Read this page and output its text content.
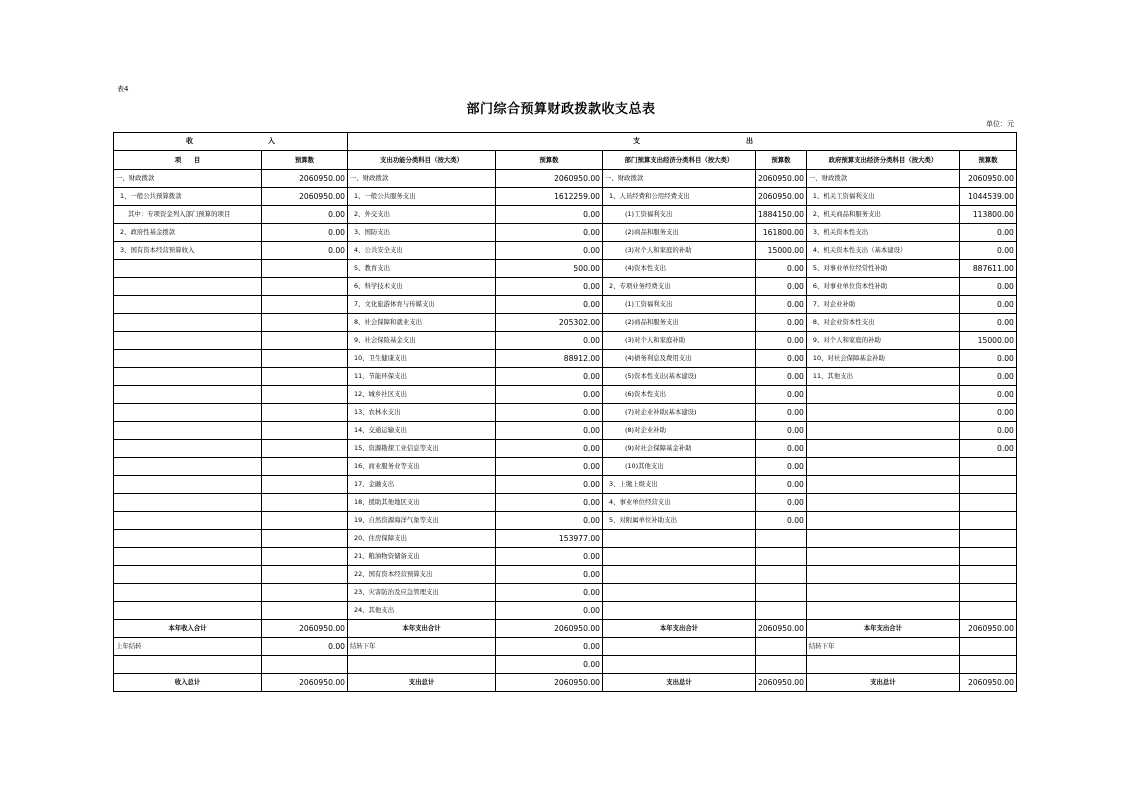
表4
部门综合预算财政拨款收支总表
单位：元
收 入		支 出					

项　　目	预算数	支出功能分类科目（按大类）	预算数	部门预算支出经济分类科目（按大类）	预算数	政府预算支出经济分类科目（按大类）	预算数
一、财政拨款	2060950.00	一、财政拨款	2060950.00	一、财政拨款	2060950.00	一、财政拨款	2060950.00
1、一般公共预算拨款	2060950.00	1、一般公共服务支出	1612259.00	1、人员经费和公用经费支出	2060950.00	1、机关工资福利支出	1044539.00
其中：专项资金列入部门预算的项目	0.00	2、外交支出	0.00	(1)工资福利支出	1884150.00	2、机关商品和服务支出	113800.00
2、政府性基金拨款	0.00	3、国防支出	0.00	(2)商品和服务支出	161800.00	3、机关资本性支出	0.00
3、国有资本经营预算收入	0.00	4、公共安全支出	0.00	(3)对个人和家庭的补助	15000.00	4、机关资本性支出（基本建设）	0.00
		5、教育支出	500.00	(4)资本性支出	0.00	5、对事业单位经常性补助	887611.00
		6、科学技术支出	0.00	2、专项业务经费支出	0.00	6、对事业单位资本性补助	0.00
		7、文化旅游体育与传媒支出	0.00	(1)工资福利支出	0.00	7、对企业补助	0.00
		8、社会保障和就业支出	205302.00	(2)商品和服务支出	0.00	8、对企业资本性支出	0.00
		9、社会保险基金支出	0.00	(3)对个人和家庭补助	0.00	9、对个人和家庭的补助	15000.00
		10、卫生健康支出	88912.00	(4)债务利息及费用支出	0.00	10、对社会保障基金补助	0.00
		11、节能环保支出	0.00	(5)资本性支出(基本建设)	0.00	11、其他支出	0.00
		12、城乡社区支出	0.00	(6)资本性支出	0.00		0.00
		13、农林水支出	0.00	(7)对企业补助(基本建设)	0.00		0.00
		14、交通运输支出	0.00	(8)对企业补助	0.00		0.00
		15、资源勘探工业信息等支出	0.00	(9)对社会保障基金补助	0.00		0.00
		16、商业服务业等支出	0.00	(10)其他支出	0.00		
		17、金融支出	0.00	3、上缴上级支出	0.00		
		18、援助其他地区支出	0.00	4、事业单位经营支出	0.00		
		19、自然资源海洋气象等支出	0.00	5、对附属单位补助支出	0.00		
		20、住房保障支出	153977.00				
		21、粮油物资储备支出	0.00				
		22、国有资本经营预算支出	0.00				
		23、灾害防治及应急管理支出	0.00				
		24、其他支出	0.00				
本年收入合计	2060950.00	本年支出合计	2060950.00	本年支出合计	2060950.00	本年支出合计	2060950.00
上年结转	0.00	结转下年	0.00			结转下年	
			0.00				
收入总计	2060950.00	支出总计	2060950.00	支出总计	2060950.00	支出总计	2060950.00
